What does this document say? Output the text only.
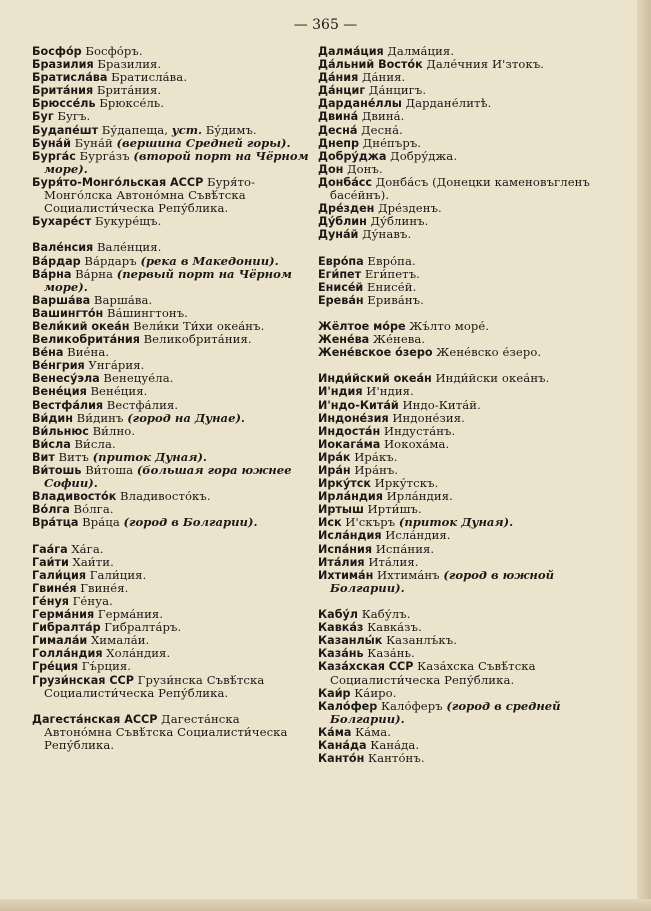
— 365 —
Босфо́р Босфо́ръ.
Бразилия Бразилия.
Братисла́ва Братисла́ва.
Брита́ния Брита́ния.
Брюссе́ль Брюксе́ль.
Буг Бугъ.
Будапе́шт Бу́дапеща, уст. Бу́димъ.
Буна́й Буна́й (вершина Средней горы).
Бурга́с Бурга́зъ (второй порт на Чёрном море).
Буря́то-Монго́льская АССР Буря́то-Монго́лска Автоно́мна Съвѣ́тска Социалисти́ческа Репу́блика.
Бухаре́ст Букуре́щъ.
Вале́нсия Вале́нция.
Ва́рдар Ва́рдаръ (река в Македонии).
Ва́рна Ва́рна (первый порт на Чёрном море).
Варша́ва Варша́ва.
Вашингто́н Ва́шингтонъ.
Вели́кий океа́н Вели́ки Ти́хи океа́нъ.
Великобрита́ния Великобрита́ния.
Ве́на Вие́на.
Ве́нгрия Унга́рия.
Венесу́эла Венецуе́ла.
Вене́ция Вене́ция.
Вестфа́лия Вестфа́лия.
Ви́дин Ви́динъ (город на Дунае).
Ви́льнюс Ви́лно.
Ви́сла Ви́сла.
Вит Витъ (приток Дуная).
Ви́тошь Ви́тоша (большая гора южнее Софии).
Владивосто́к Владивосто́къ.
Во́лга Во́лга.
Вра́тца Вра́ца (город в Болгарии).
Гаа́га Ха́га.
Гаи́ти Хаи́ти.
Гали́ция Гали́ция.
Гвине́я Гвине́я.
Ге́нуя Ге́нуа.
Герма́ния Герма́ния.
Гибралта́р Гибралта́ръ.
Гимала́и Химала́и.
Голла́ндия Хола́ндия.
Гре́ция Гъ́рция.
Грузи́нская ССР Грузи́нска Съвѣ́тска Социалисти́ческа Репу́блика.
Дагеста́нская АССР Дагеста́нска Автоно́мна Съвѣ́тска Социалисти́ческа Репу́блика.
Далма́ция Далма́ция.
Да́льний Восто́к Дале́чния И'зтокъ.
Да́ния Да́ния.
Да́нциг Да́нцигъ.
Дардане́ллы Дардане́литѣ.
Двина́ Двина́.
Десна́ Десна́.
Днепр Дне́пъръ.
Добру́джа Добру́джа.
Дон Донъ.
Донба́сс Донба́съ (Донецки каменовъгленъ басе́йнъ).
Дре́зден Дре́зденъ.
Ду́блин Ду́блинъ.
Дуна́й Ду́навъ.
Евро́па Евро́па.
Еги́пет Еги́петъ.
Енисе́й Енисе́й.
Ерева́н Ерива́нъ.
Жёлтое мо́ре Жъ́лто море́.
Жене́ва Же́нева.
Жене́вское о́зеро Жене́вско е́зеро.
Инди́йский океа́н Инди́йски океа́нъ.
И'ндия И'ндия.
И'ндо-Кита́й Индо-Кита́й.
Индоне́зия Индоне́зия.
Индоста́н Индуста́нъ.
Иокага́ма Иокоха́ма.
Ира́к Ира́къ.
Ира́н Ира́нъ.
Ирку́тск Ирку́тскъ.
Ирла́ндия Ирла́ндия.
Иртыш Ирти́шъ.
Иск И'скъръ (приток Дуная).
Исла́ндия Исла́ндия.
Испа́ния Испа́ния.
Ита́лия Ита́лия.
Ихтима́н Ихтима́нъ (город в южной Болгарии).
Кабу́л Кабу́лъ.
Кавка́з Кавка́зъ.
Казанлы́к Казанлъ́къ.
Каза́нь Каза́нь.
Каза́хская ССР Каза́хска Съвѣ́тска Социалисти́ческа Репу́блика.
Каи́р Ка́иро.
Кало́фер Кало́феръ (город в средней Болгарии).
Ка́ма Ка́ма.
Кана́да Кана́да.
Канто́н Канто́нъ.
